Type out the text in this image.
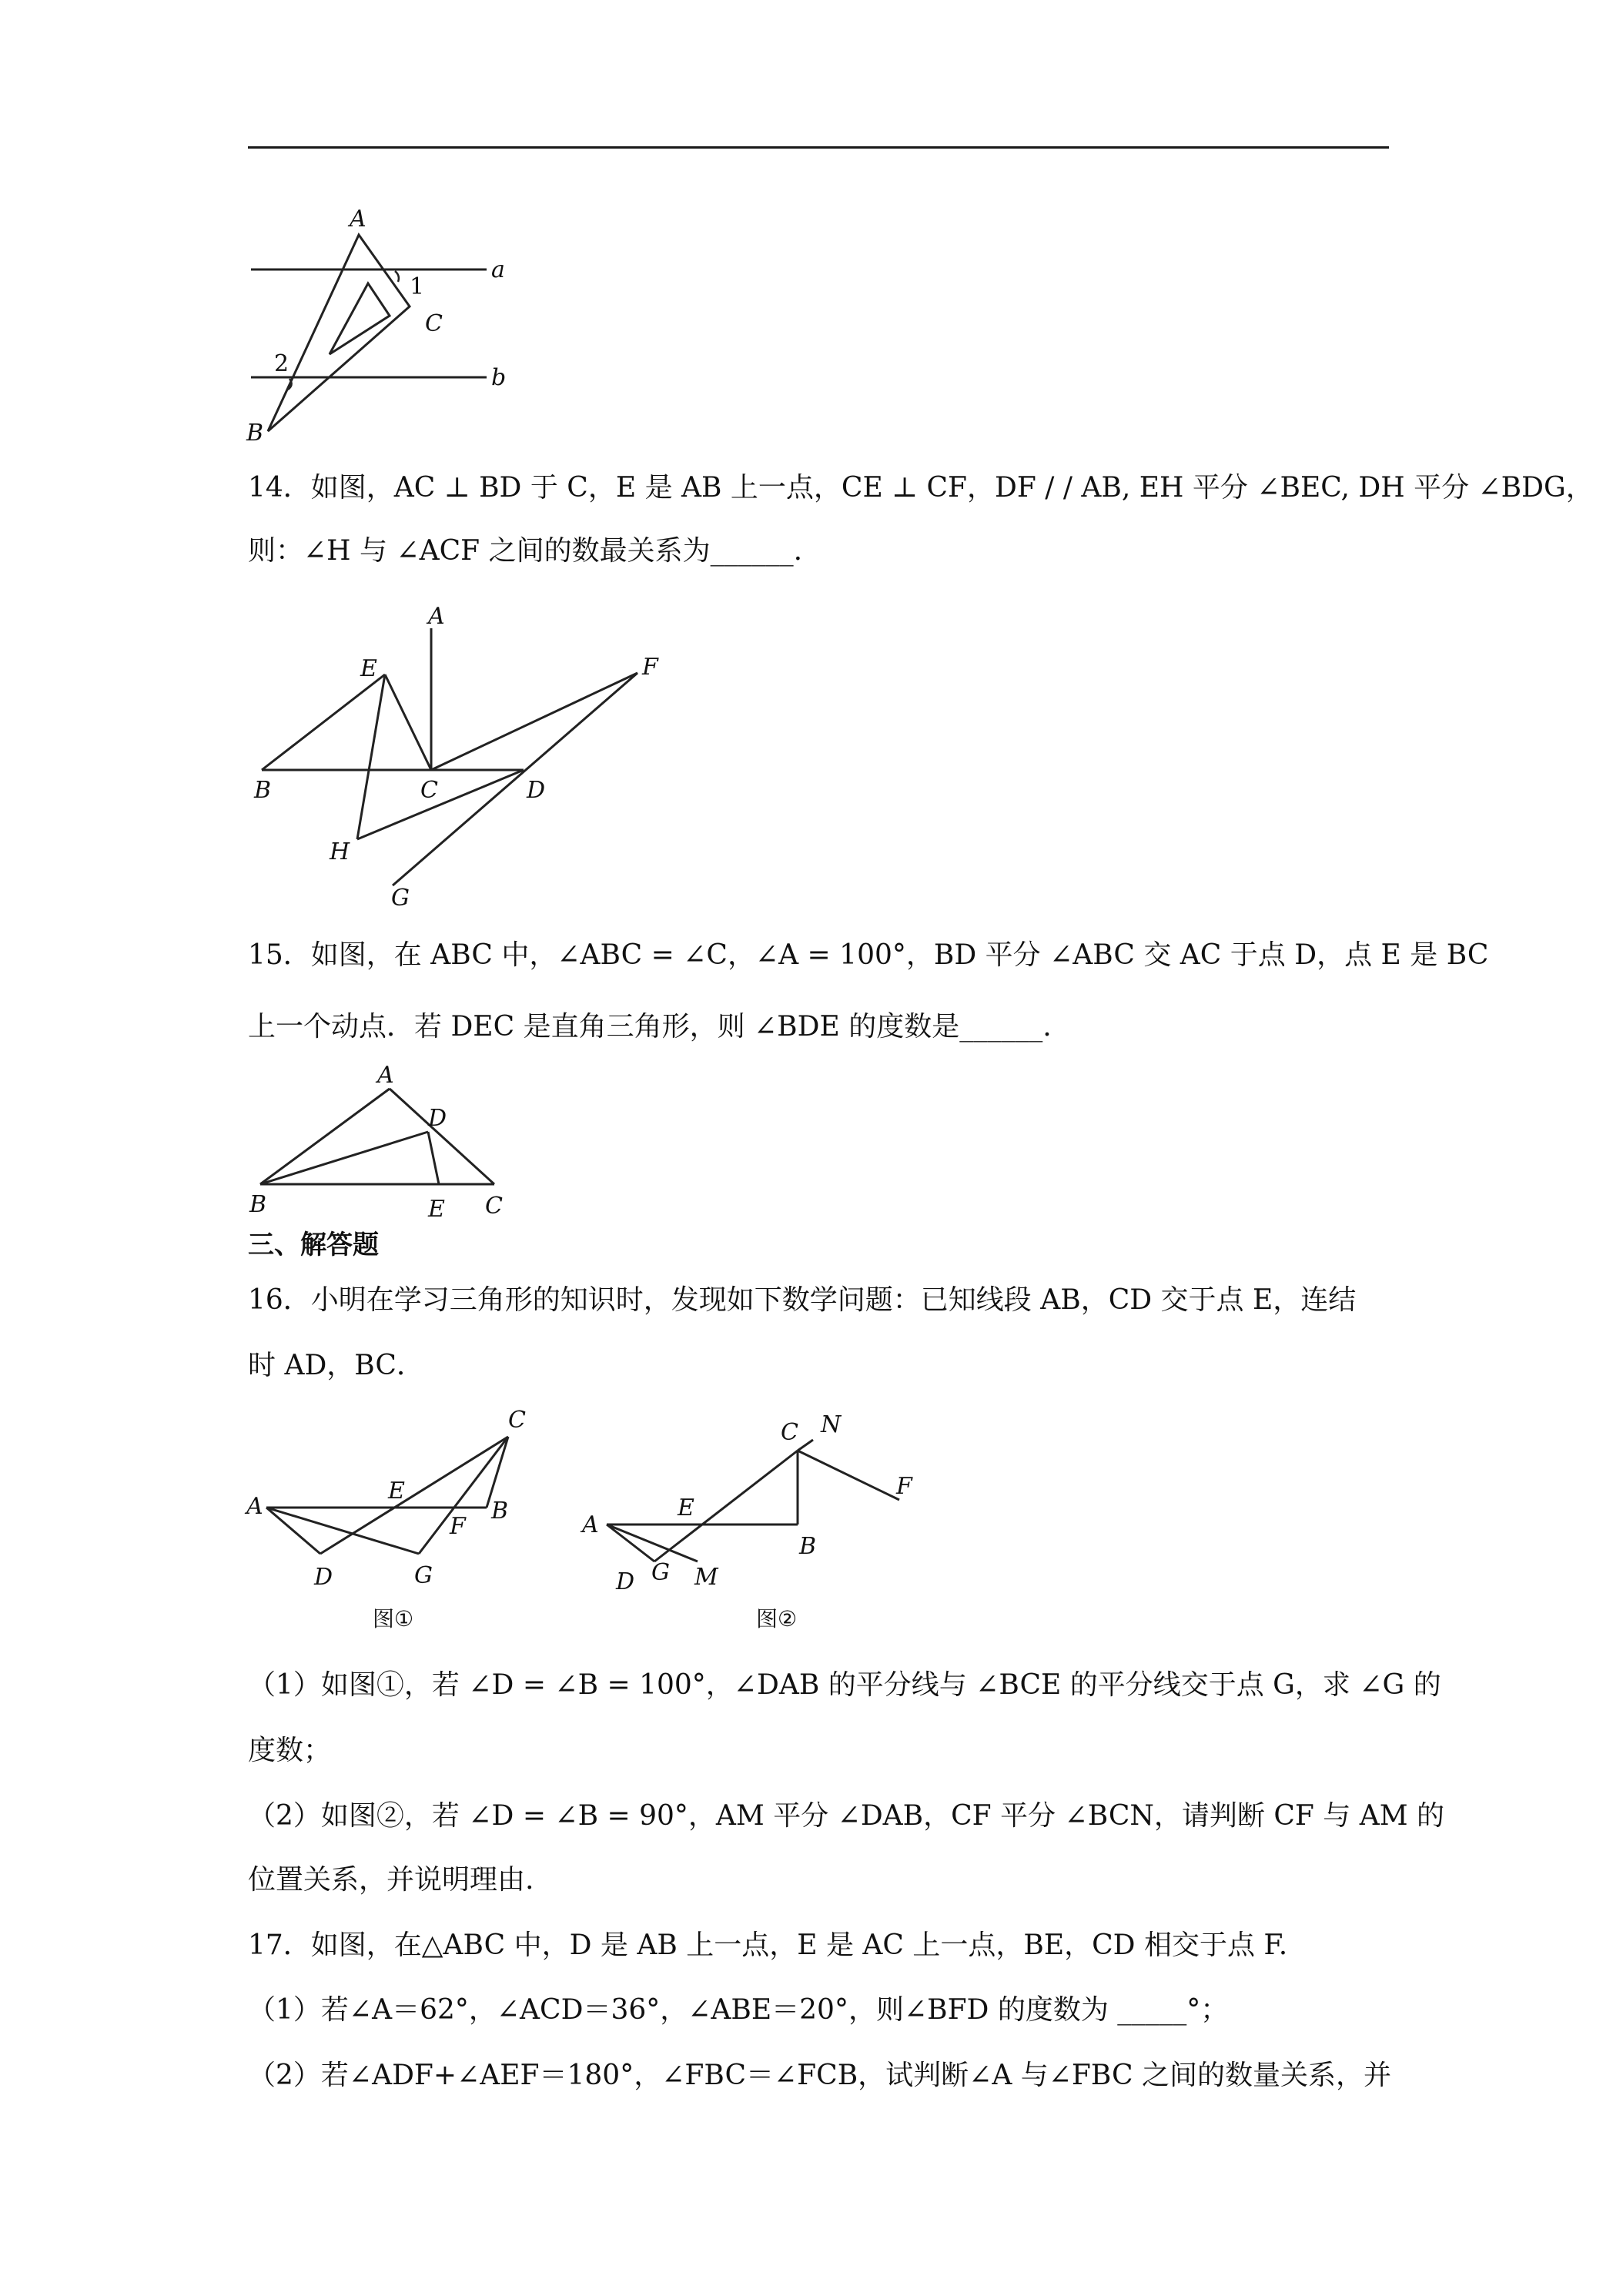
A
a
1
C
2
b
B
14．如图，AC ⊥ BD 于 C，E 是 AB 上一点，CE ⊥ CF，DF / / AB, EH 平分 ∠BEC, DH 平分 ∠BDG，
则：∠H 与 ∠ACF 之间的数最关系为______.
A
E	F
B	C	D
H
G
15．如图，在 ABC 中，∠ABC = ∠C，∠A = 100°，BD 平分 ∠ABC 交 AC 于点 D，点 E 是 BC
上一个动点．若 DEC 是直角三角形，则 ∠BDE 的度数是______.
A
D
B	E C
三、解答题
16．小明在学习三角形的知识时，发现如下数学问题：已知线段 AB，CD 交于点 E，连结
时 AD，BC．
C
A
E
B
F
D	G
图①
C N
F
A
E
B
D G M
图②
（1）如图①，若 ∠D = ∠B = 100°，∠DAB 的平分线与 ∠BCE 的平分线交于点 G，求 ∠G 的
度数；
（2）如图②，若 ∠D = ∠B = 90°，AM 平分 ∠DAB，CF 平分 ∠BCN，请判断 CF 与 AM 的
位置关系，并说明理由.
17．如图，在△ABC 中，D 是 AB 上一点，E 是 AC 上一点，BE，CD 相交于点 F.
（1）若∠A＝62°，∠ACD＝36°，∠ABE＝20°，则∠BFD 的度数为 _____°；
（2）若∠ADF+∠AEF＝180°，∠FBC＝∠FCB，试判断∠A 与∠FBC 之间的数量关系，并
